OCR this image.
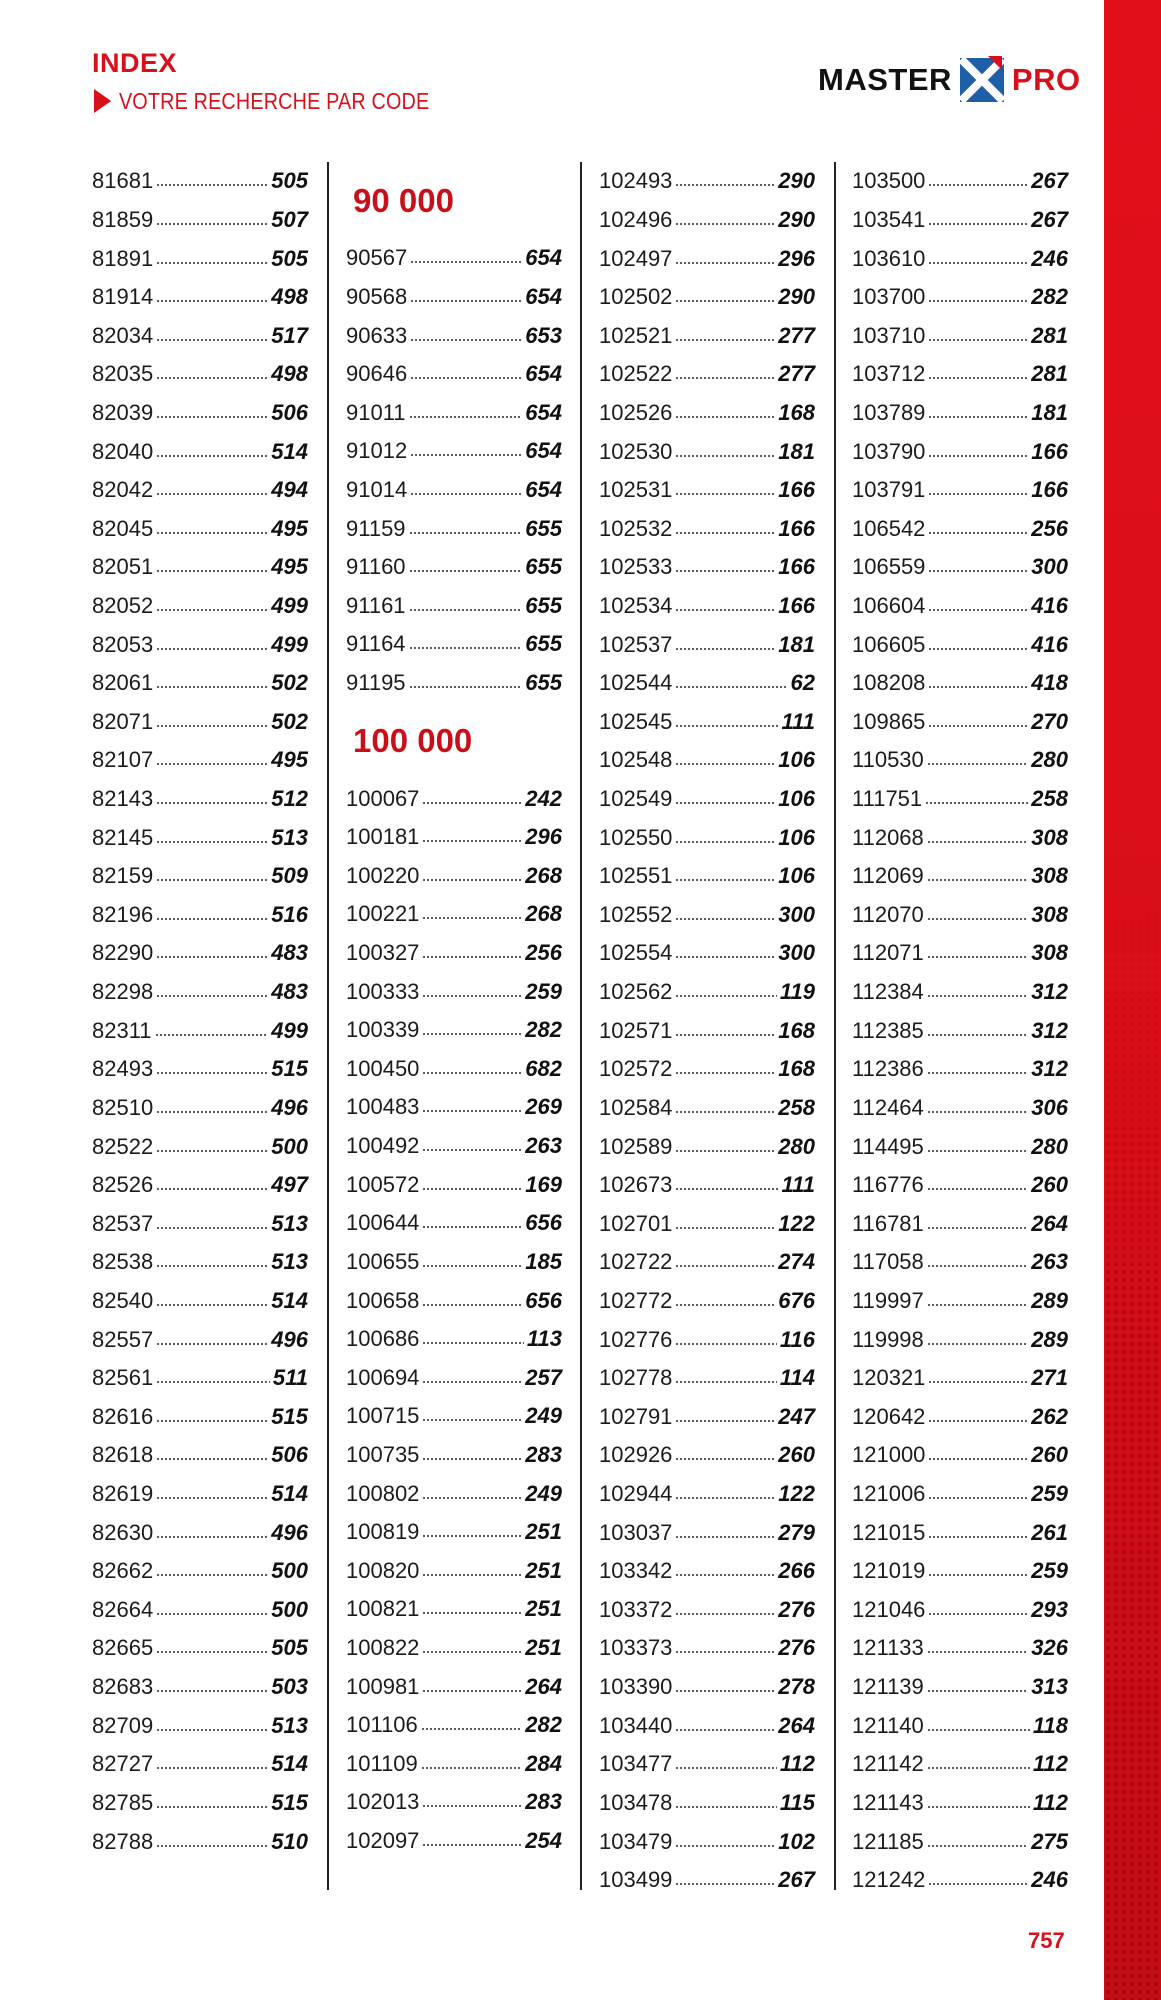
INDEX
VOTRE RECHERCHE PAR CODE
MASTER PRO
81681	505
81859	507
81891	505
81914	498
82034	517
82035	498
82039	506
82040	514
82042	494
82045	495
82051	495
82052	499
82053	499
82061	502
82071	502
82107	495
82143	512
82145	513
82159	509
82196	516
82290	483
82298	483
82311	499
82493	515
82510	496
82522	500
82526	497
82537	513
82538	513
82540	514
82557	496
82561	511
82616	515
82618	506
82619	514
82630	496
82662	500
82664	500
82665	505
82683	503
82709	513
82727	514
82785	515
82788	510
90 000
90567	654
90568	654
90633	653
90646	654
91011	654
91012	654
91014	654
91159	655
91160	655
91161	655
91164	655
91195	655
100 000
100067	242
100181	296
100220	268
100221	268
100327	256
100333	259
100339	282
100450	682
100483	269
100492	263
100572	169
100644	656
100655	185
100658	656
100686	113
100694	257
100715	249
100735	283
100802	249
100819	251
100820	251
100821	251
100822	251
100981	264
101106	282
101109	284
102013	283
102097	254
102493	290
102496	290
102497	296
102502	290
102521	277
102522	277
102526	168
102530	181
102531	166
102532	166
102533	166
102534	166
102537	181
102544	62
102545	111
102548	106
102549	106
102550	106
102551	106
102552	300
102554	300
102562	119
102571	168
102572	168
102584	258
102589	280
102673	111
102701	122
102722	274
102772	676
102776	116
102778	114
102791	247
102926	260
102944	122
103037	279
103342	266
103372	276
103373	276
103390	278
103440	264
103477	112
103478	115
103479	102
103499	267
103500	267
103541	267
103610	246
103700	282
103710	281
103712	281
103789	181
103790	166
103791	166
106542	256
106559	300
106604	416
106605	416
108208	418
109865	270
110530	280
111751	258
112068	308
112069	308
112070	308
112071	308
112384	312
112385	312
112386	312
112464	306
114495	280
116776	260
116781	264
117058	263
119997	289
119998	289
120321	271
120642	262
121000	260
121006	259
121015	261
121019	259
121046	293
121133	326
121139	313
121140	118
121142	112
121143	112
121185	275
121242	246
757
